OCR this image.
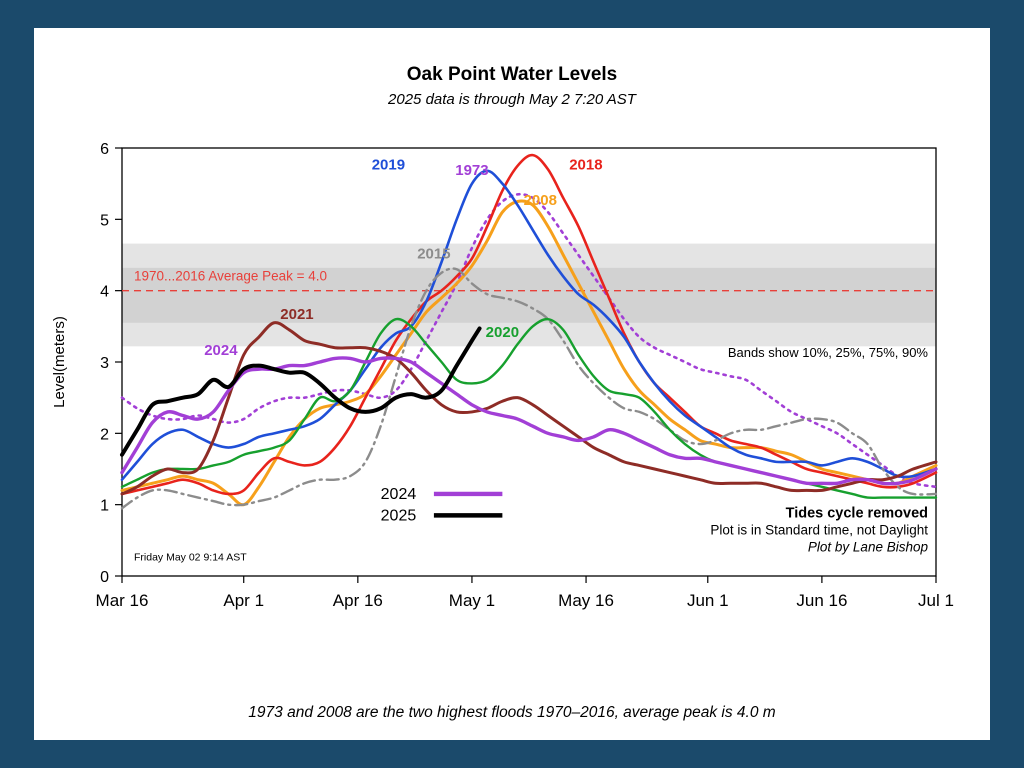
Oak Point Water Levels
2025 data is through May 2 7:20 AST
0
1
2
3
4
5
6
Mar 16	Apr 1	Apr 16	May 1	May 16	Jun 1	Jun 16	Jul 1
Level(meters)
1970...2016 Average Peak = 4.0
1973
2008
2018
2019
2015
2020
2021
2024	Bands show 10%, 25%, 75%, 90%
Tides cycle removed
Plot is in Standard time, not Daylight
Plot by Lane Bishop
Friday May 02 9:14 AST
2024
2025
1973 and 2008 are the two highest floods 1970–2016, average peak is 4.0 m
